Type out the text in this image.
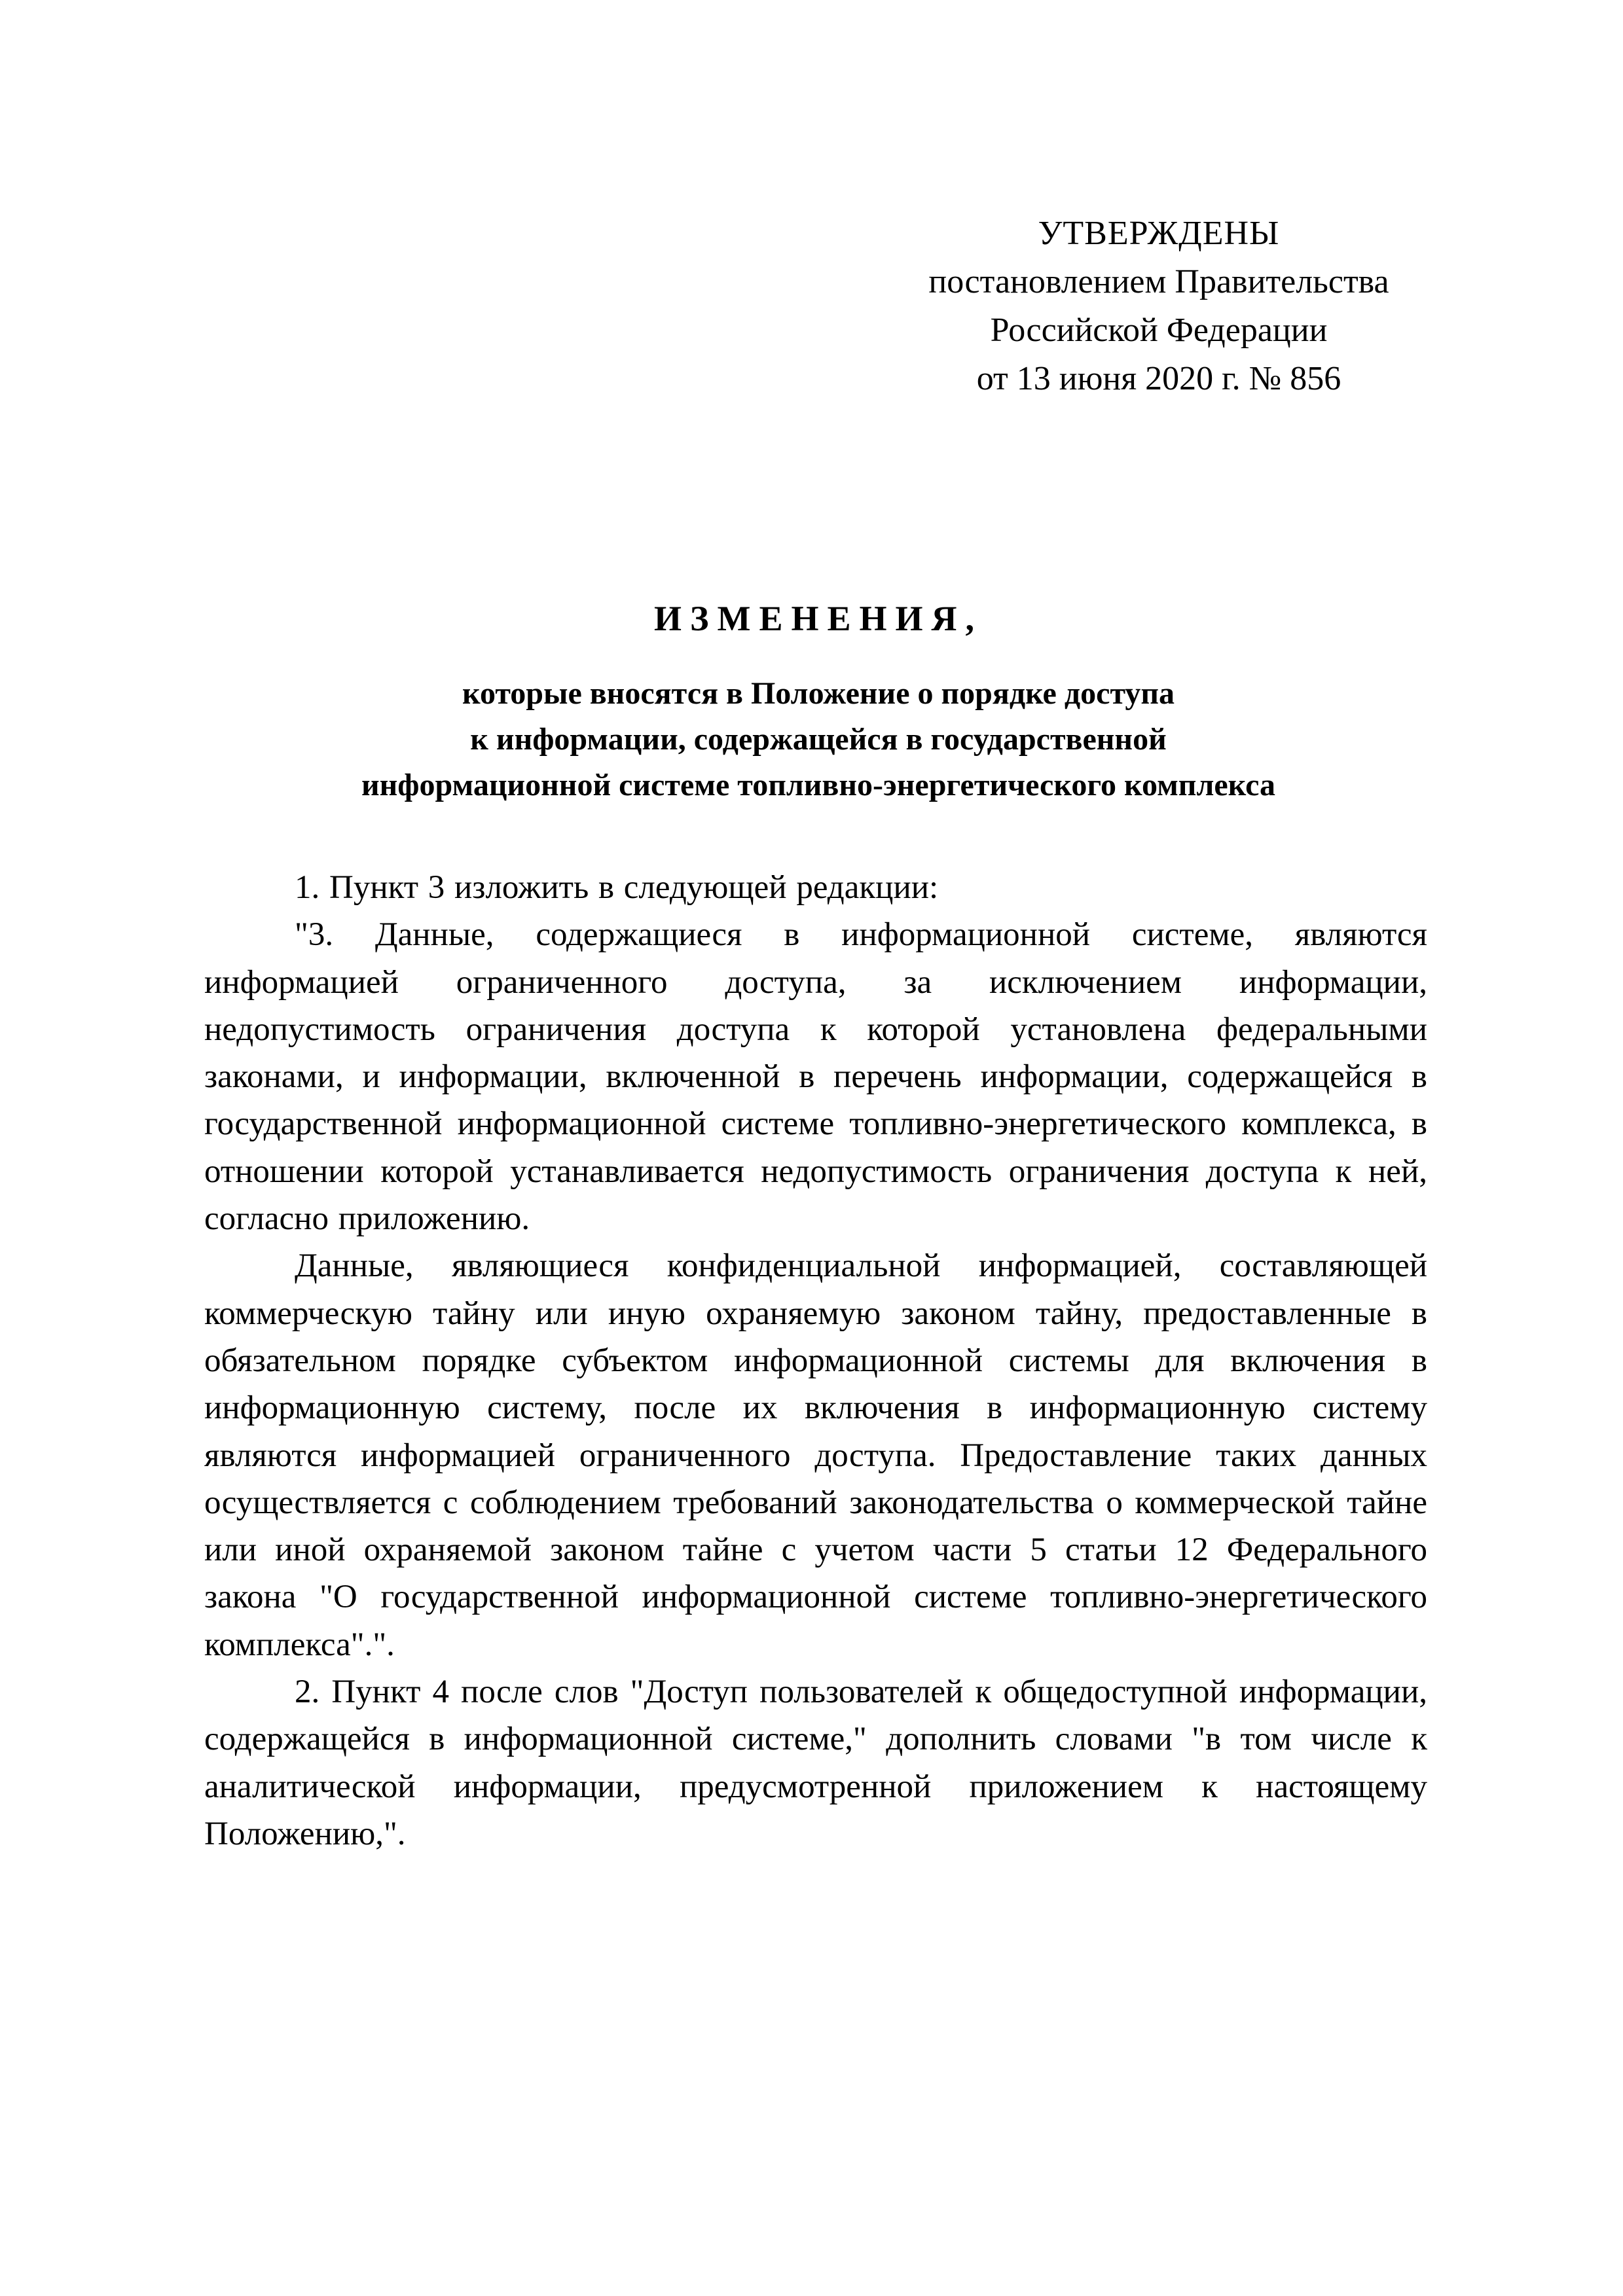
УТВЕРЖДЕНЫ
постановлением Правительства
Российской Федерации
от 13 июня 2020 г. № 856
ИЗМЕНЕНИЯ,
которые вносятся в Положение о порядке доступа
к информации, содержащейся в государственной
информационной системе топливно-энергетического комплекса

1. Пункт 3 изложить в следующей редакции:

"3. Данные, содержащиеся в информационной системе, являются информацией ограниченного доступа, за исключением информации, недопустимость ограничения доступа к которой установлена федеральными законами, и информации, включенной в перечень информации, содержащейся в государственной информационной системе топливно-энергетического комплекса, в отношении которой устанавливается недопустимость ограничения доступа к ней, согласно приложению.

Данные, являющиеся конфиденциальной информацией, составляющей коммерческую тайну или иную охраняемую законом тайну, предоставленные в обязательном порядке субъектом информационной системы для включения в информационную систему, после их включения в информационную систему являются информацией ограниченного доступа. Предоставление таких данных осуществляется с соблюдением требований законодательства о коммерческой тайне или иной охраняемой законом тайне с учетом части 5 статьи 12 Федерального закона "О государственной информационной системе топливно-энергетического комплекса".".

2. Пункт 4 после слов "Доступ пользователей к общедоступной информации, содержащейся в информационной системе," дополнить словами "в том числе к аналитической информации, предусмотренной приложением к настоящему Положению,".
